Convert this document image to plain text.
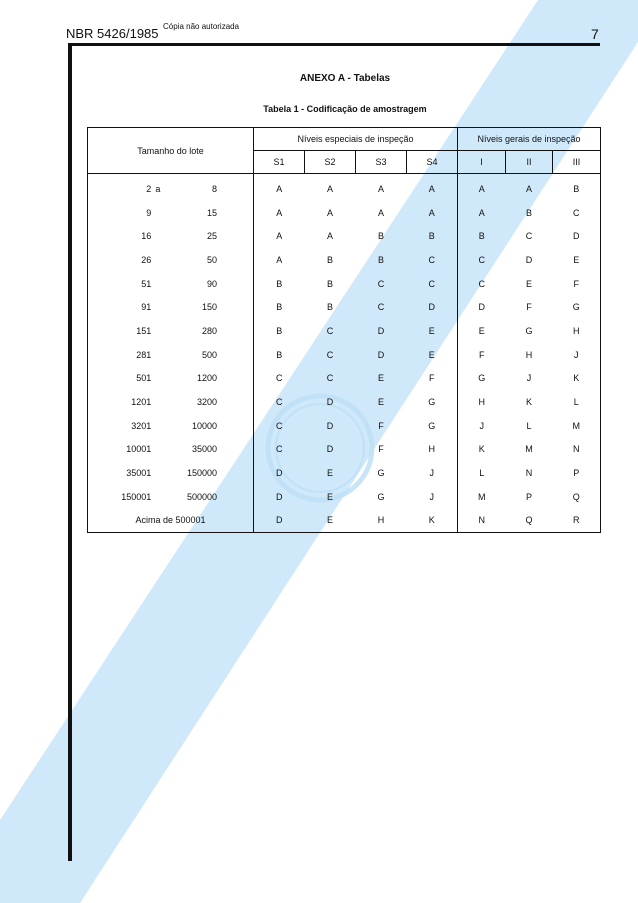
NBR 5426/1985 Cópia não autorizada	7
ANEXO A - Tabelas
Tabela 1 - Codificação de amostragem
Tamanho do lote	Níveis especiais de inspeção				Níveis gerais de inspeção		
	S1	S2	S3	S4	I	II	III

2 a 8	A	A	A	A	A	A	B

9 15	A	A	A	A	A	B	C

16 25	A	A	B	B	B	C	D

26 50	A	B	B	C	C	D	E

51 90	B	B	C	C	C	E	F

91 150	B	B	C	D	D	F	G

151 280	B	C	D	E	E	G	H

281 500	B	C	D	E	F	H	J

501 1200	C	C	E	F	G	J	K

1201 3200	C	D	E	G	H	K	L

3201 10000	C	D	F	G	J	L	M

10001 35000	C	D	F	H	K	M	N

35001 150000	D	E	G	J	L	N	P

150001 500000	D	E	G	J	M	P	Q

Acima de 500001	D	E	H	K	N	Q	R
